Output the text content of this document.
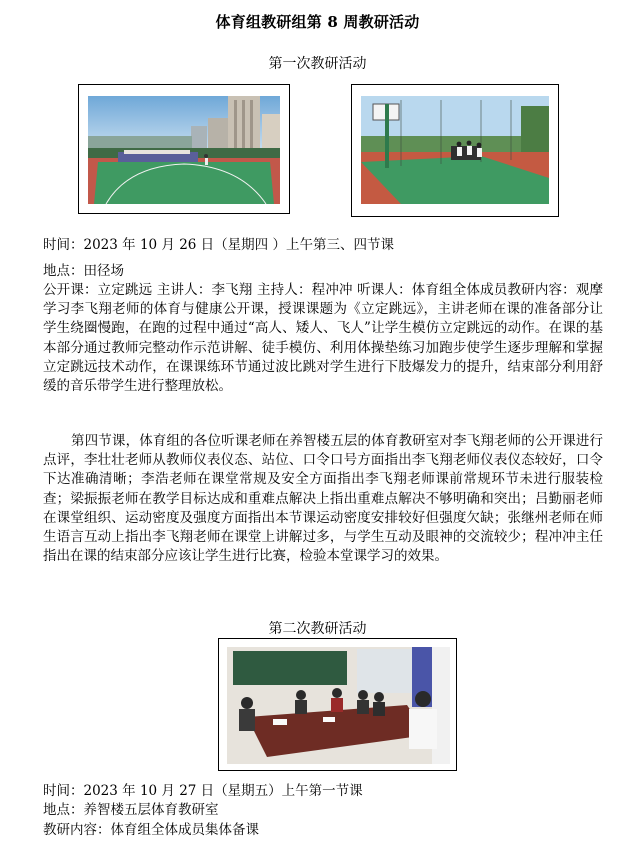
体育组教研组第 8 周教研活动
第一次教研活动
时间：2023 年 10 月 26 日（星期四 ）上午第三、四节课
地点：田径场
公开课：立定跳远 主讲人：李飞翔 主持人：程冲冲 听课人：体育组全体成员教研内容：观摩学习李飞翔老师的体育与健康公开课，授课课题为《立定跳远》，主讲老师在课的准备部分让学生绕圈慢跑，在跑的过程中通过“高人、矮人、飞人”让学生模仿立定跳远的动作。在课的基本部分通过教师完整动作示范讲解、徒手模仿、利用体操垫练习加跑步使学生逐步理解和掌握立定跳远技术动作，在课课练环节通过波比跳对学生进行下肢爆发力的提升，结束部分利用舒缓的音乐带学生进行整理放松。
第四节课，体育组的各位听课老师在养智楼五层的体育教研室对李飞翔老师的公开课进行点评，李壮壮老师从教师仪表仪态、站位、口令口号方面指出李飞翔老师仪表仪态较好，口令下达准确清晰；李浩老师在课堂常规及安全方面指出李飞翔老师课前常规环节未进行服装检查；梁振振老师在教学目标达成和重难点解决上指出重难点解决不够明确和突出；吕勤丽老师在课堂组织、运动密度及强度方面指出本节课运动密度安排较好但强度欠缺；张继州老师在师生语言互动上指出李飞翔老师在课堂上讲解过多，与学生互动及眼神的交流较少；程冲冲主任指出在课的结束部分应该让学生进行比赛，检验本堂课学习的效果。
第二次教研活动
时间：2023 年 10 月 27 日（星期五）上午第一节课
地点：养智楼五层体育教研室
教研内容：体育组全体成员集体备课
